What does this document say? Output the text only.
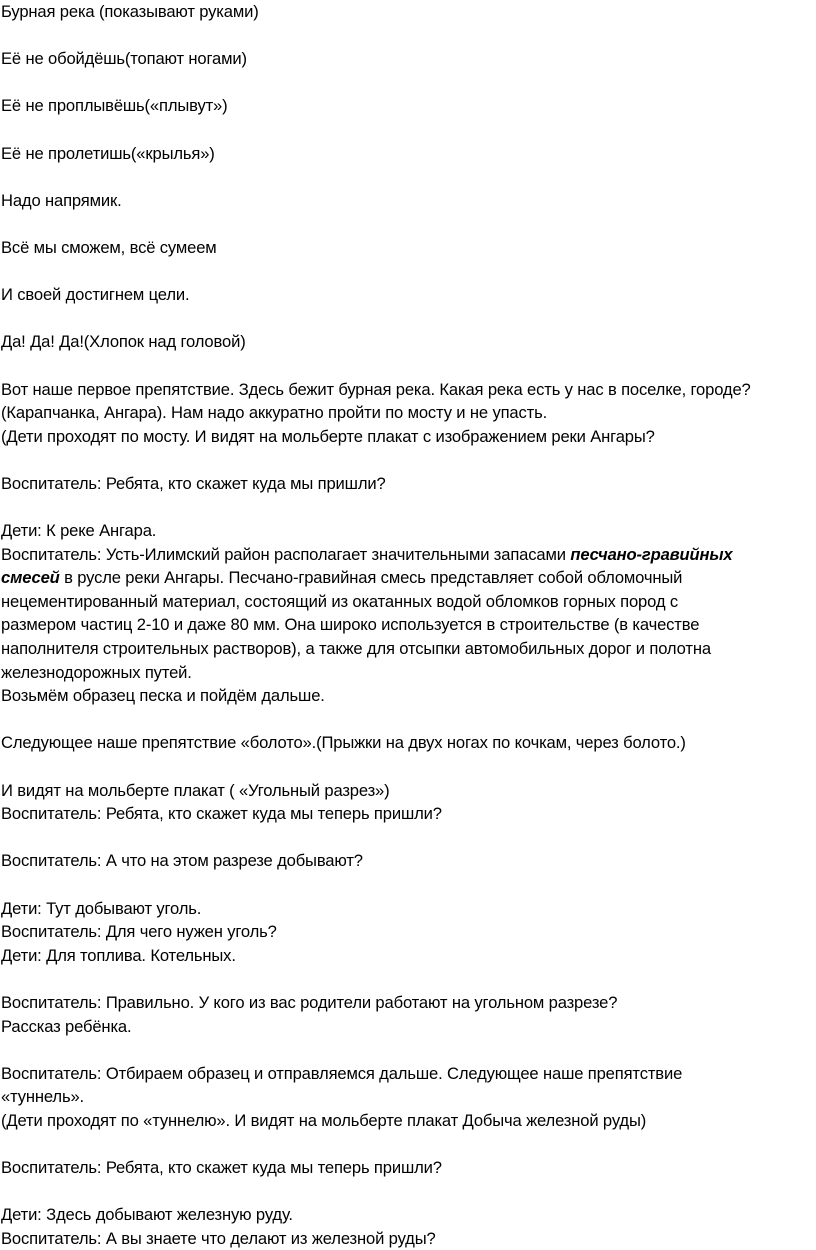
Бурная река (показывают руками)
Её не обойдёшь(топают ногами)
Её не проплывёшь(«плывут»)
Её не пролетишь(«крылья»)
Надо напрямик.
Всё мы сможем, всё сумеем
И своей достигнем цели.
Да! Да! Да!(Хлопок над головой)
Вот наше первое препятствие. Здесь бежит бурная река. Какая река есть у нас в поселке, городе?
(Карапчанка, Ангара). Нам надо аккуратно пройти по мосту и не упасть.
(Дети проходят по мосту. И видят на мольберте плакат с изображением реки Ангары?
Воспитатель: Ребята, кто скажет куда мы пришли?
Дети: К реке Ангара.
Воспитатель: Усть-Илимский район располагает значительными запасами песчано-гравийных
смесей в русле реки Ангары. Песчано-гравийная смесь представляет собой обломочный
нецементированный материал, состоящий из окатанных водой обломков горных пород с
размером частиц 2-10 и даже 80 мм. Она широко используется в строительстве (в качестве
наполнителя строительных растворов), а также для отсыпки автомобильных дорог и полотна
железнодорожных путей.
Возьмём образец песка и пойдём дальше.
Следующее наше препятствие «болото».(Прыжки на двух ногах по кочкам, через болото.)
И видят на мольберте плакат ( «Угольный разрез»)
Воспитатель: Ребята, кто скажет куда мы теперь пришли?
Воспитатель: А что на этом разрезе добывают?
Дети: Тут добывают уголь.
Воспитатель: Для чего нужен уголь?
Дети: Для топлива. Котельных.
Воспитатель: Правильно. У кого из вас родители работают на угольном разрезе?
Рассказ ребёнка.
Воспитатель: Отбираем образец и отправляемся дальше. Следующее наше препятствие
«туннель».
(Дети проходят по «туннелю». И видят на мольберте плакат Добыча железной руды)
Воспитатель: Ребята, кто скажет куда мы теперь пришли?
Дети: Здесь добывают железную руду.
Воспитатель: А вы знаете что делают из железной руды?
